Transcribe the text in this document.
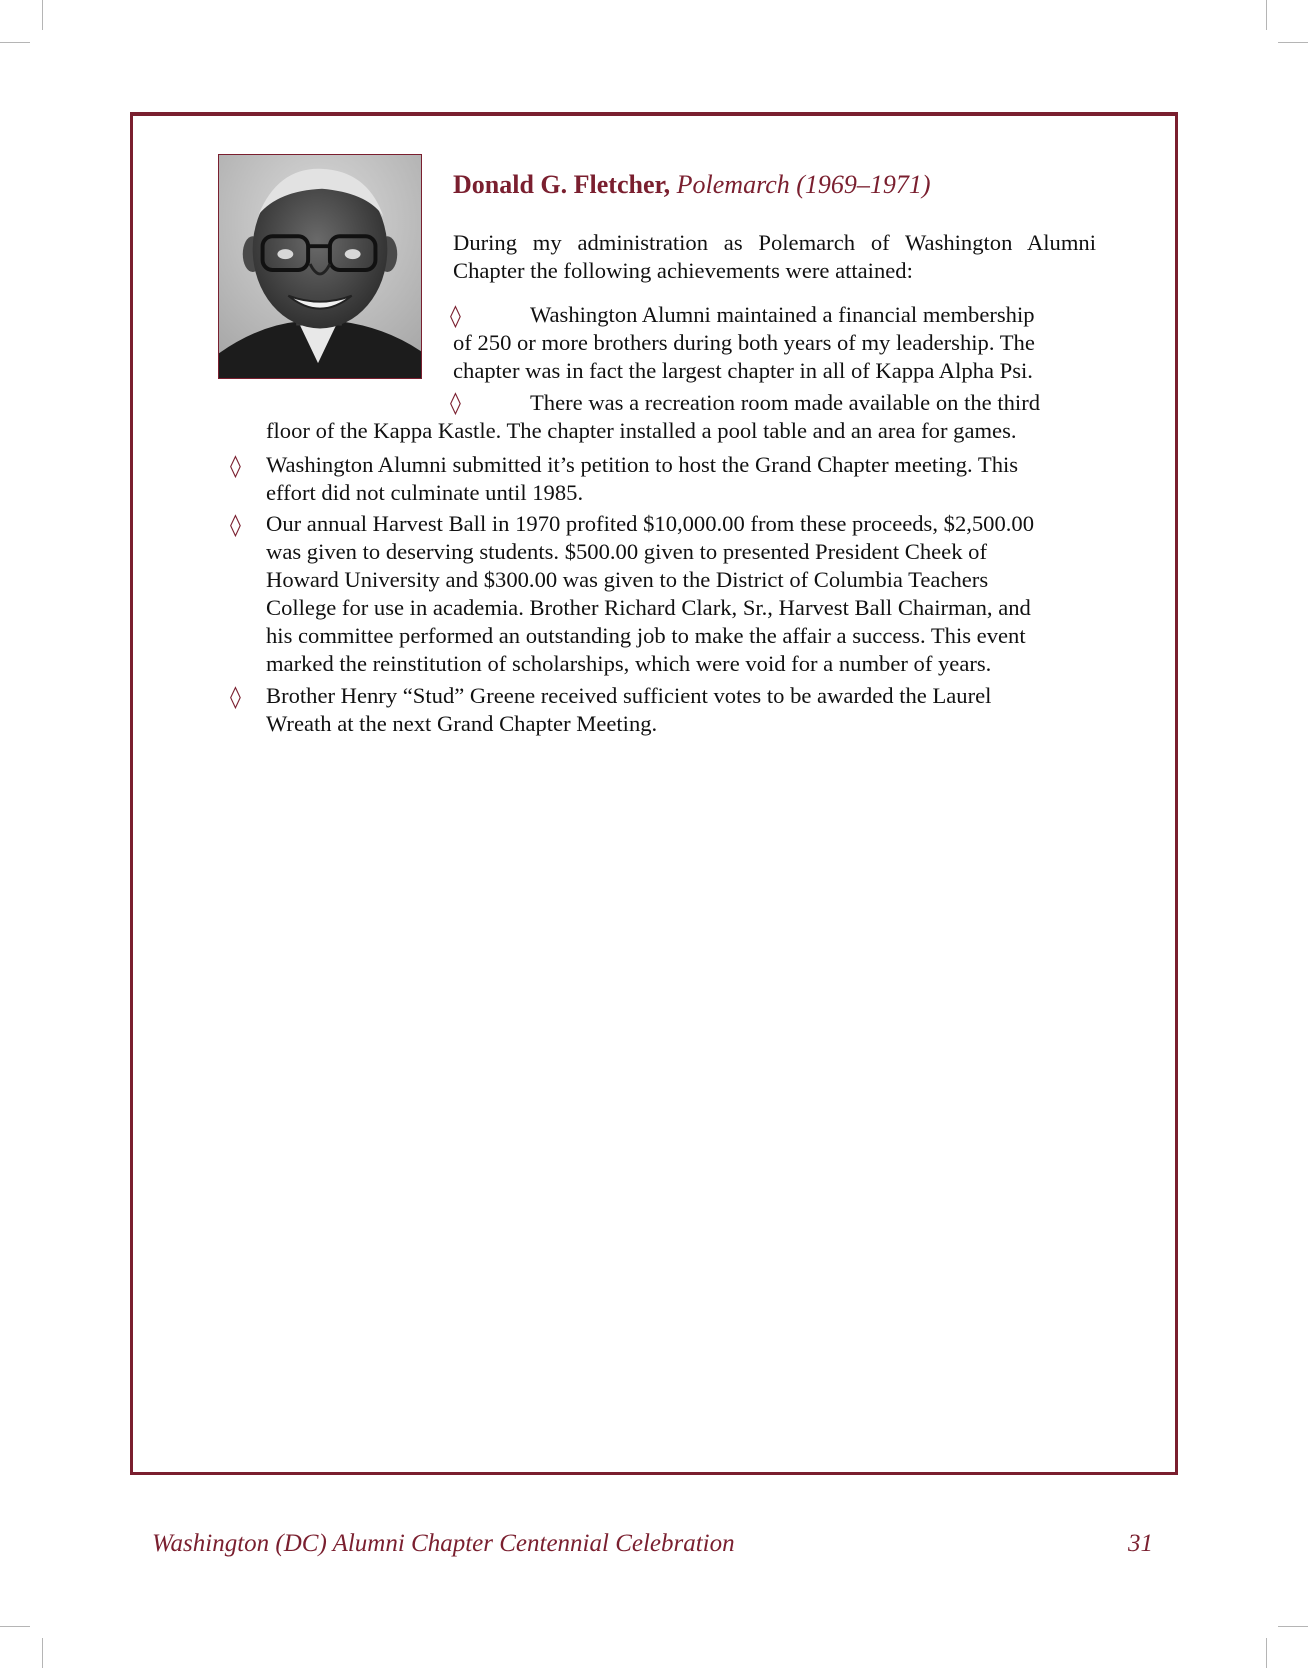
Donald G. Fletcher, Polemarch (1969–1971)
During my administration as Polemarch of Washington Alumni
Chapter the following achievements were attained:
◊	Washington Alumni maintained a financial membership
of 250 or more brothers during both years of my leadership. The
chapter was in fact the largest chapter in all of Kappa Alpha Psi.
◊	There was a recreation room made available on the third
floor of the Kappa Kastle. The chapter installed a pool table and an area for games.
◊ Washington Alumni submitted it’s petition to host the Grand Chapter meeting. This
effort did not culminate until 1985.
◊ Our annual Harvest Ball in 1970 profited $10,000.00 from these proceeds, $2,500.00
was given to deserving students. $500.00 given to presented President Cheek of
Howard University and $300.00 was given to the District of Columbia Teachers
College for use in academia. Brother Richard Clark, Sr., Harvest Ball Chairman, and
his committee performed an outstanding job to make the affair a success. This event
marked the reinstitution of scholarships, which were void for a number of years.
◊ Brother Henry “Stud” Greene received sufficient votes to be awarded the Laurel
Wreath at the next Grand Chapter Meeting.
Washington (DC) Alumni Chapter Centennial Celebration	31
